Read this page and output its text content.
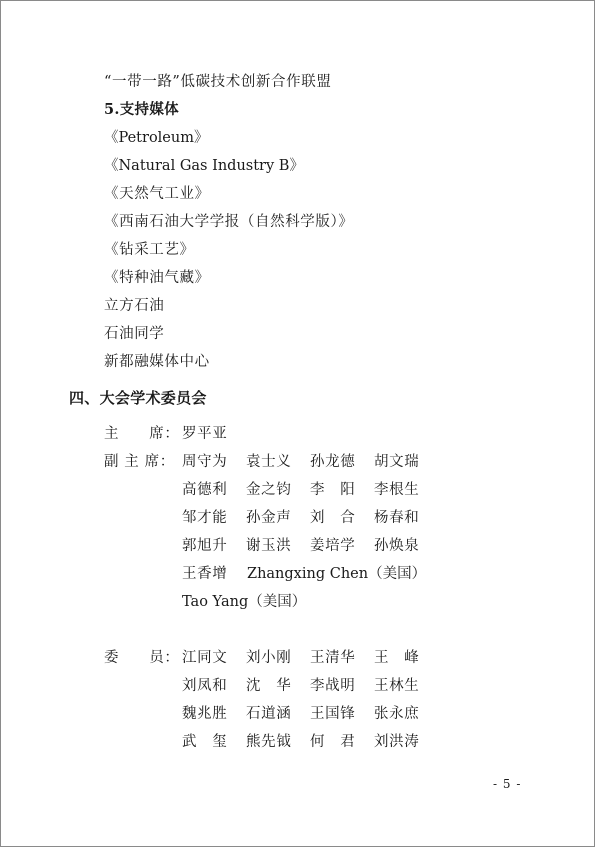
“一带一路”低碳技术创新合作联盟
5.支持媒体
《Petroleum》
《Natural Gas Industry B》
《天然气工业》
《西南石油大学学报（自然科学版）》
《钻采工艺》
《特种油气藏》
立方石油
石油同学
新都融媒体中心
四、大会学术委员会
主　　席： 罗平亚
副 主 席： 周守为 袁士义 孙龙德 胡文瑞
高德利 金之钧 李　阳 李根生
邹才能 孙金声 刘　合 杨春和
郭旭升 谢玉洪 姜培学 孙焕泉
王香增 Zhangxing Chen（美国）
Tao Yang（美国）
委　　员： 江同文 刘小刚 王清华 王　峰
刘凤和 沈　华 李战明 王林生
魏兆胜 石道涵 王国锋 张永庶
武　玺 熊先钺 何　君 刘洪涛
- 5 -
